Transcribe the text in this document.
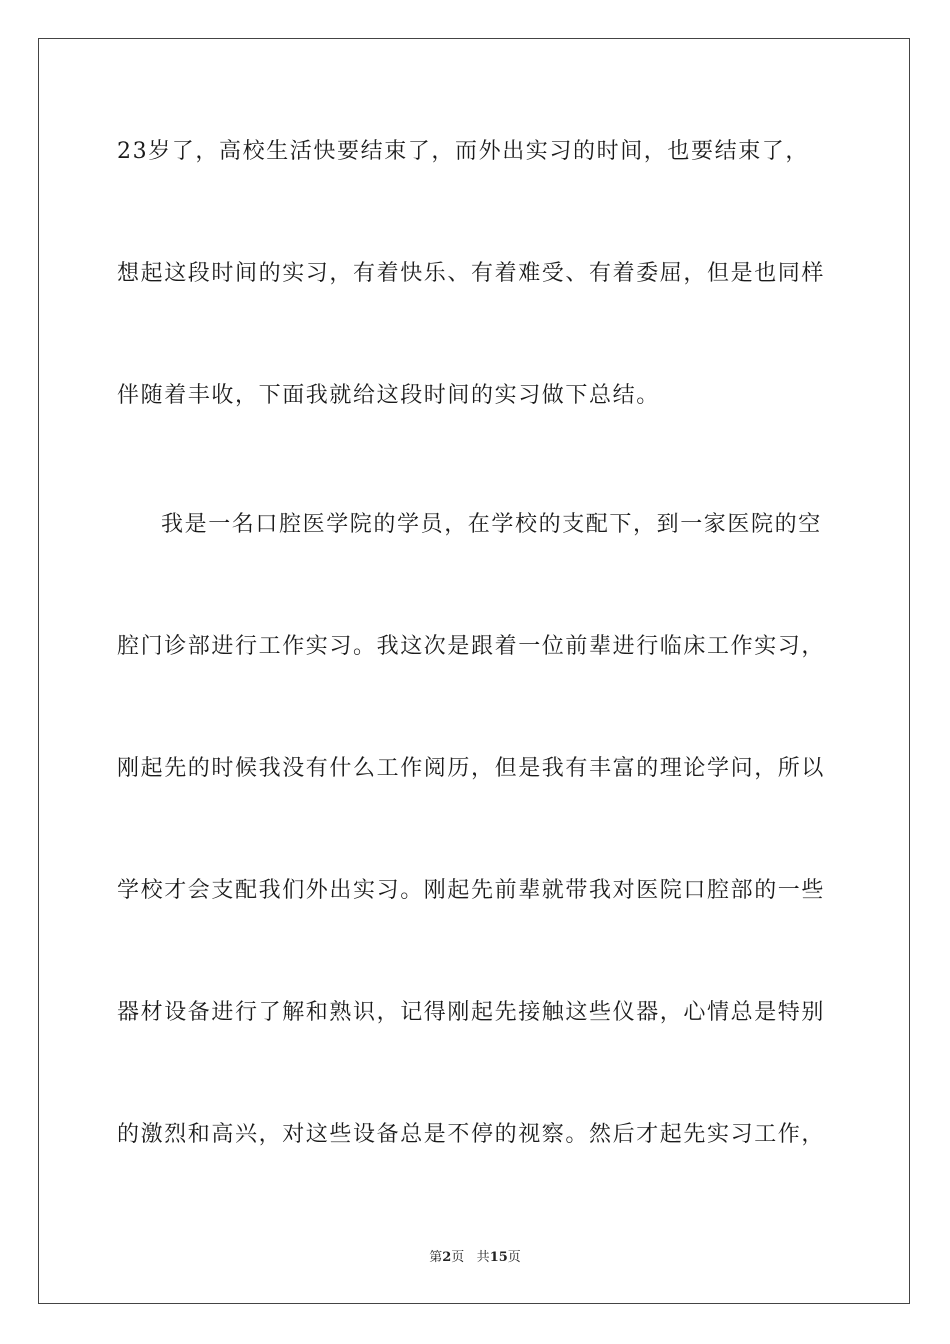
23岁了，高校生活快要结束了，而外出实习的时间，也要结束了，
想起这段时间的实习，有着快乐、有着难受、有着委屈，但是也同样
伴随着丰收，下面我就给这段时间的实习做下总结。
我是一名口腔医学院的学员，在学校的支配下，到一家医院的空
腔门诊部进行工作实习。我这次是跟着一位前辈进行临床工作实习，
刚起先的时候我没有什么工作阅历，但是我有丰富的理论学问，所以
学校才会支配我们外出实习。刚起先前辈就带我对医院口腔部的一些
器材设备进行了解和熟识，记得刚起先接触这些仪器，心情总是特别
的激烈和高兴，对这些设备总是不停的视察。然后才起先实习工作，
第2页 共15页
